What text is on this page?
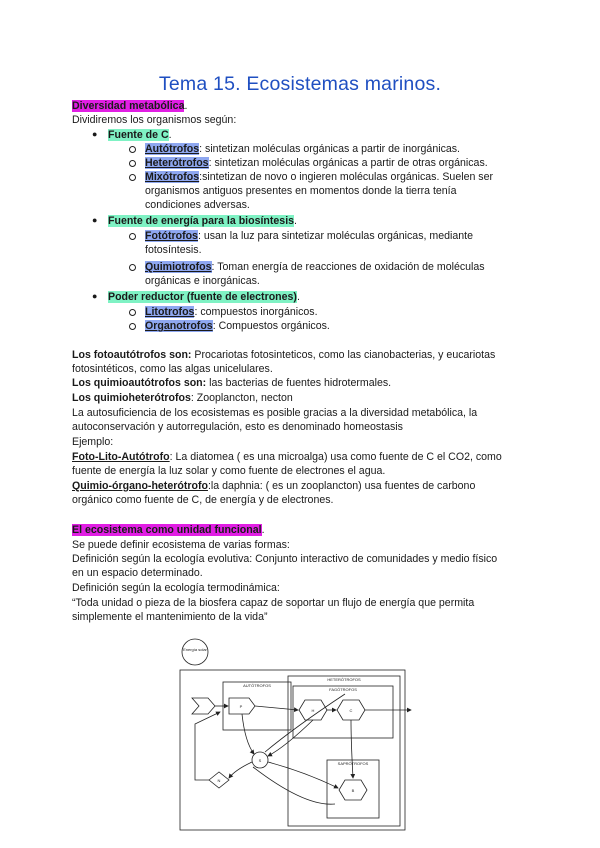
Tema 15. Ecosistemas marinos.
Diversidad metabólica.
Dividiremos los organismos según:
● Fuente de C.
Autótrofos: sintetizan moléculas orgánicas a partir de inorgánicas.
Heterótrofos: sintetizan moléculas orgánicas a partir de otras orgánicas.
Mixótrofos:sintetizan de novo o ingieren moléculas orgánicas. Suelen ser
organismos antiguos presentes en momentos donde la tierra tenía
condiciones adversas.
● Fuente de energía para la biosíntesis.
Fotótrofos: usan la luz para sintetizar moléculas orgánicas, mediante
fotosíntesis.
Quimiotrofos: Toman energía de reacciones de oxidación de moléculas
orgánicas e inorgánicas.
● Poder reductor (fuente de electrones).
Litotrofos: compuestos inorgánicos.
Organotrofos: Compuestos orgánicos.
Los fotoautótrofos son: Procariotas fotosinteticos, como las cianobacterias, y eucariotas
fotosintéticos, como las algas unicelulares.
Los quimioautótrofos son: las bacterias de fuentes hidrotermales.
Los quimioheterótrofos: Zooplancton, necton
La autosuficiencia de los ecosistemas es posible gracias a la diversidad metabólica, la
autoconservación y autorregulación, esto es denominado homeostasis
Ejemplo:
Foto-Lito-Autótrofo: La diatomea ( es una microalga) usa como fuente de C el CO2, como
fuente de energía la luz solar y como fuente de electrones el agua.
Quimio-órgano-heterótrofo:la daphnia: ( es un zooplancton) usa fuentes de carbono
orgánico como fuente de C, de energía y de electrones.
El ecosistema como unidad funcional.
Se puede definir ecosistema de varias formas:
Definición según la ecología evolutiva: Conjunto interactivo de comunidades y medio físico
en un espacio determinado.
Definición según la ecología termodinámica:
“Toda unidad o pieza de la biosfera capaz de soportar un flujo de energía que permita
simplemente el mantenimiento de la vida”
Energía solar
AUTÓTROFOS
HETERÓTROFOS
FAGÓTROFOS
SAPRÓTROFOS
P
H	C
B
S
N
